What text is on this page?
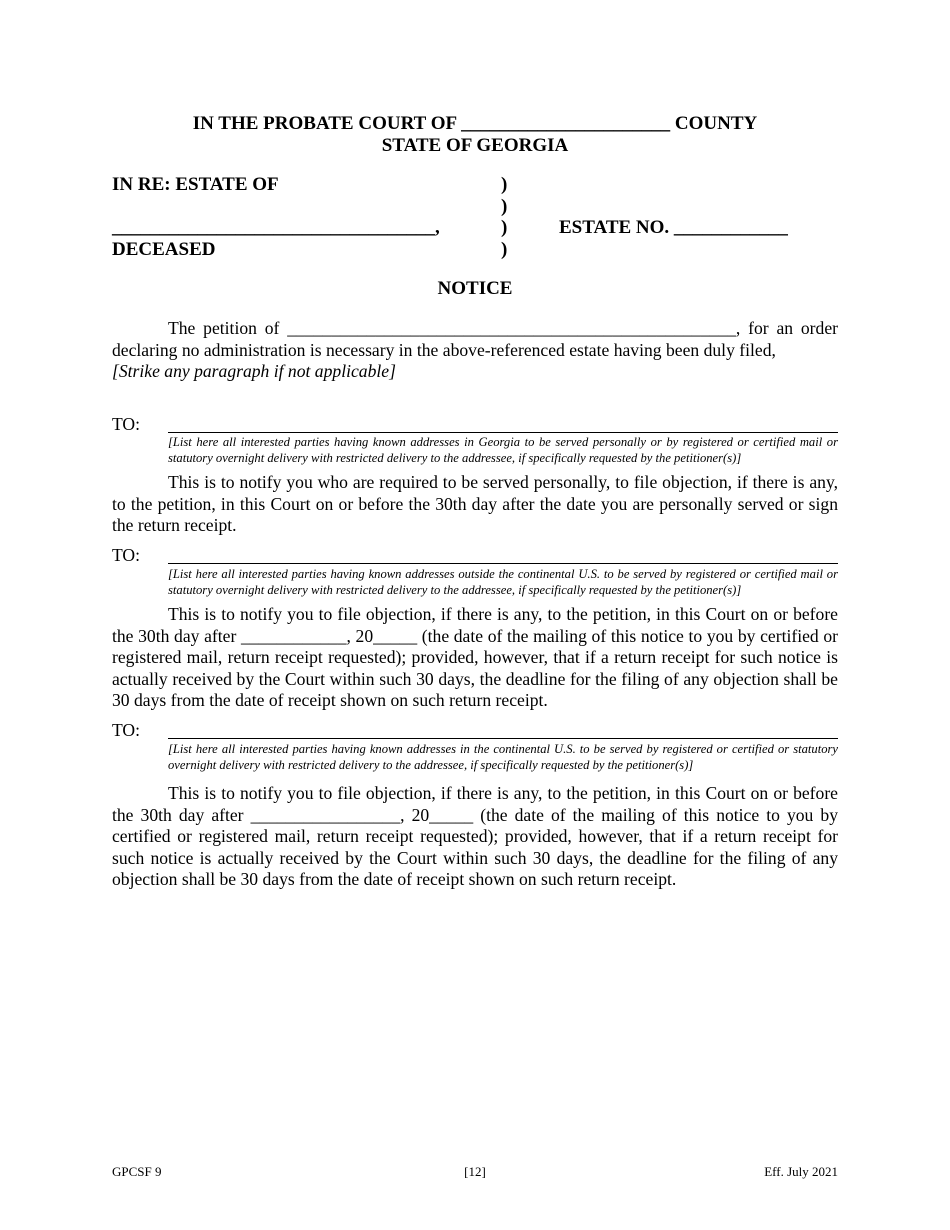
IN THE PROBATE COURT OF ______________________ COUNTY
STATE OF GEORGIA
IN RE: ESTATE OF
__________________________________,
DECEASED
)
)
)
)
ESTATE NO. ____________
NOTICE
The petition of ___________________________________________________, for an order declaring no administration is necessary in the above-referenced estate having been duly filed,
[Strike any paragraph if not applicable]
TO:
[List here all interested parties having known addresses in Georgia to be served personally or by registered or certified mail or statutory overnight delivery with restricted delivery to the addressee, if specifically requested by the petitioner(s)]
This is to notify you who are required to be served personally, to file objection, if there is any, to the petition, in this Court on or before the 30th day after the date you are personally served or sign the return receipt.
TO:
[List here all interested parties having known addresses outside the continental U.S. to be served by registered or certified mail or statutory overnight delivery with restricted delivery to the addressee, if specifically requested by the petitioner(s)]
This is to notify you to file objection, if there is any, to the petition, in this Court on or before the 30th day after ____________, 20_____ (the date of the mailing of this notice to you by certified or registered mail, return receipt requested); provided, however, that if a return receipt for such notice is actually received by the Court within such 30 days, the deadline for the filing of any objection shall be 30 days from the date of receipt shown on such return receipt.
TO:
[List here all interested parties having known addresses in the continental U.S. to be served by registered or certified or statutory overnight delivery with restricted delivery to the addressee, if specifically requested by the petitioner(s)]
This is to notify you to file objection, if there is any, to the petition, in this Court on or before the 30th day after _________________, 20_____ (the date of the mailing of this notice to you by certified or registered mail, return receipt requested); provided, however, that if a return receipt for such notice is actually received by the Court within such 30 days, the deadline for the filing of any objection shall be 30 days from the date of receipt shown on such return receipt.
GPCSF 9	[12]	Eff. July 2021
